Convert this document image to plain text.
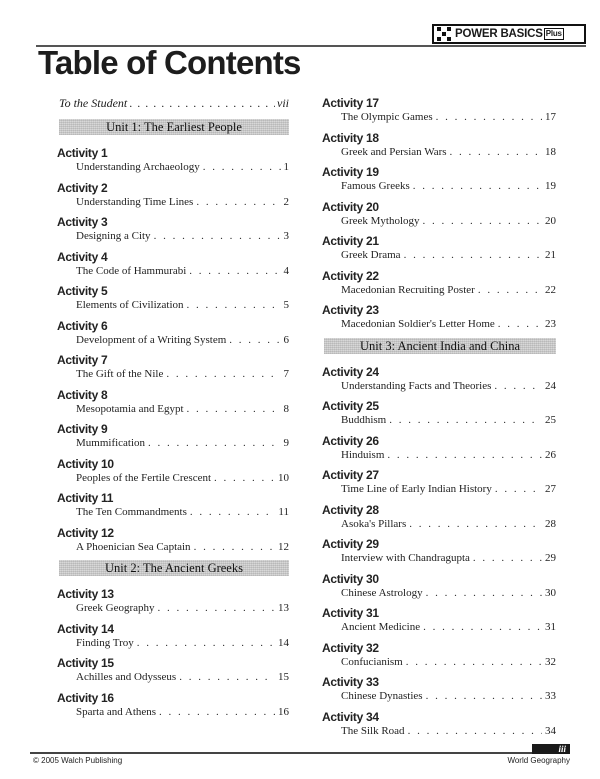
POWER BASICS Plus
Table of Contents
To the Student . . .	vii
Unit 1: The Earliest People
Activity 1
Understanding Archaeology . . .	1
Activity 2
Understanding Time Lines . . .	2
Activity 3
Designing a City . . .	3
Activity 4
The Code of Hammurabi . . .	4
Activity 5
Elements of Civilization . . .	5
Activity 6
Development of a Writing System . . .	6
Activity 7
The Gift of the Nile . . .	7
Activity 8
Mesopotamia and Egypt . . .	8
Activity 9
Mummification . . .	9
Activity 10
Peoples of the Fertile Crescent . . .	10
Activity 11
The Ten Commandments . . .	11
Activity 12
A Phoenician Sea Captain . . .	12
Unit 2: The Ancient Greeks
Activity 13
Greek Geography . . .	13
Activity 14
Finding Troy . . .	14
Activity 15
Achilles and Odysseus . . .	15
Activity 16
Sparta and Athens . . .	16
Activity 17
The Olympic Games . . .	17
Activity 18
Greek and Persian Wars . . .	18
Activity 19
Famous Greeks . . .	19
Activity 20
Greek Mythology . . .	20
Activity 21
Greek Drama . . .	21
Activity 22
Macedonian Recruiting Poster . . .	22
Activity 23
Macedonian Soldier's Letter Home . . .	23
Unit 3: Ancient India and China
Activity 24
Understanding Facts and Theories . . .	24
Activity 25
Buddhism . . .	25
Activity 26
Hinduism . . .	26
Activity 27
Time Line of Early Indian History . . .	27
Activity 28
Asoka's Pillars . . .	28
Activity 29
Interview with Chandragupta . . .	29
Activity 30
Chinese Astrology . . .	30
Activity 31
Ancient Medicine . . .	31
Activity 32
Confucianism . . .	32
Activity 33
Chinese Dynasties . . .	33
Activity 34
The Silk Road . . .	34
iii
© 2005 Walch Publishing	World Geography
